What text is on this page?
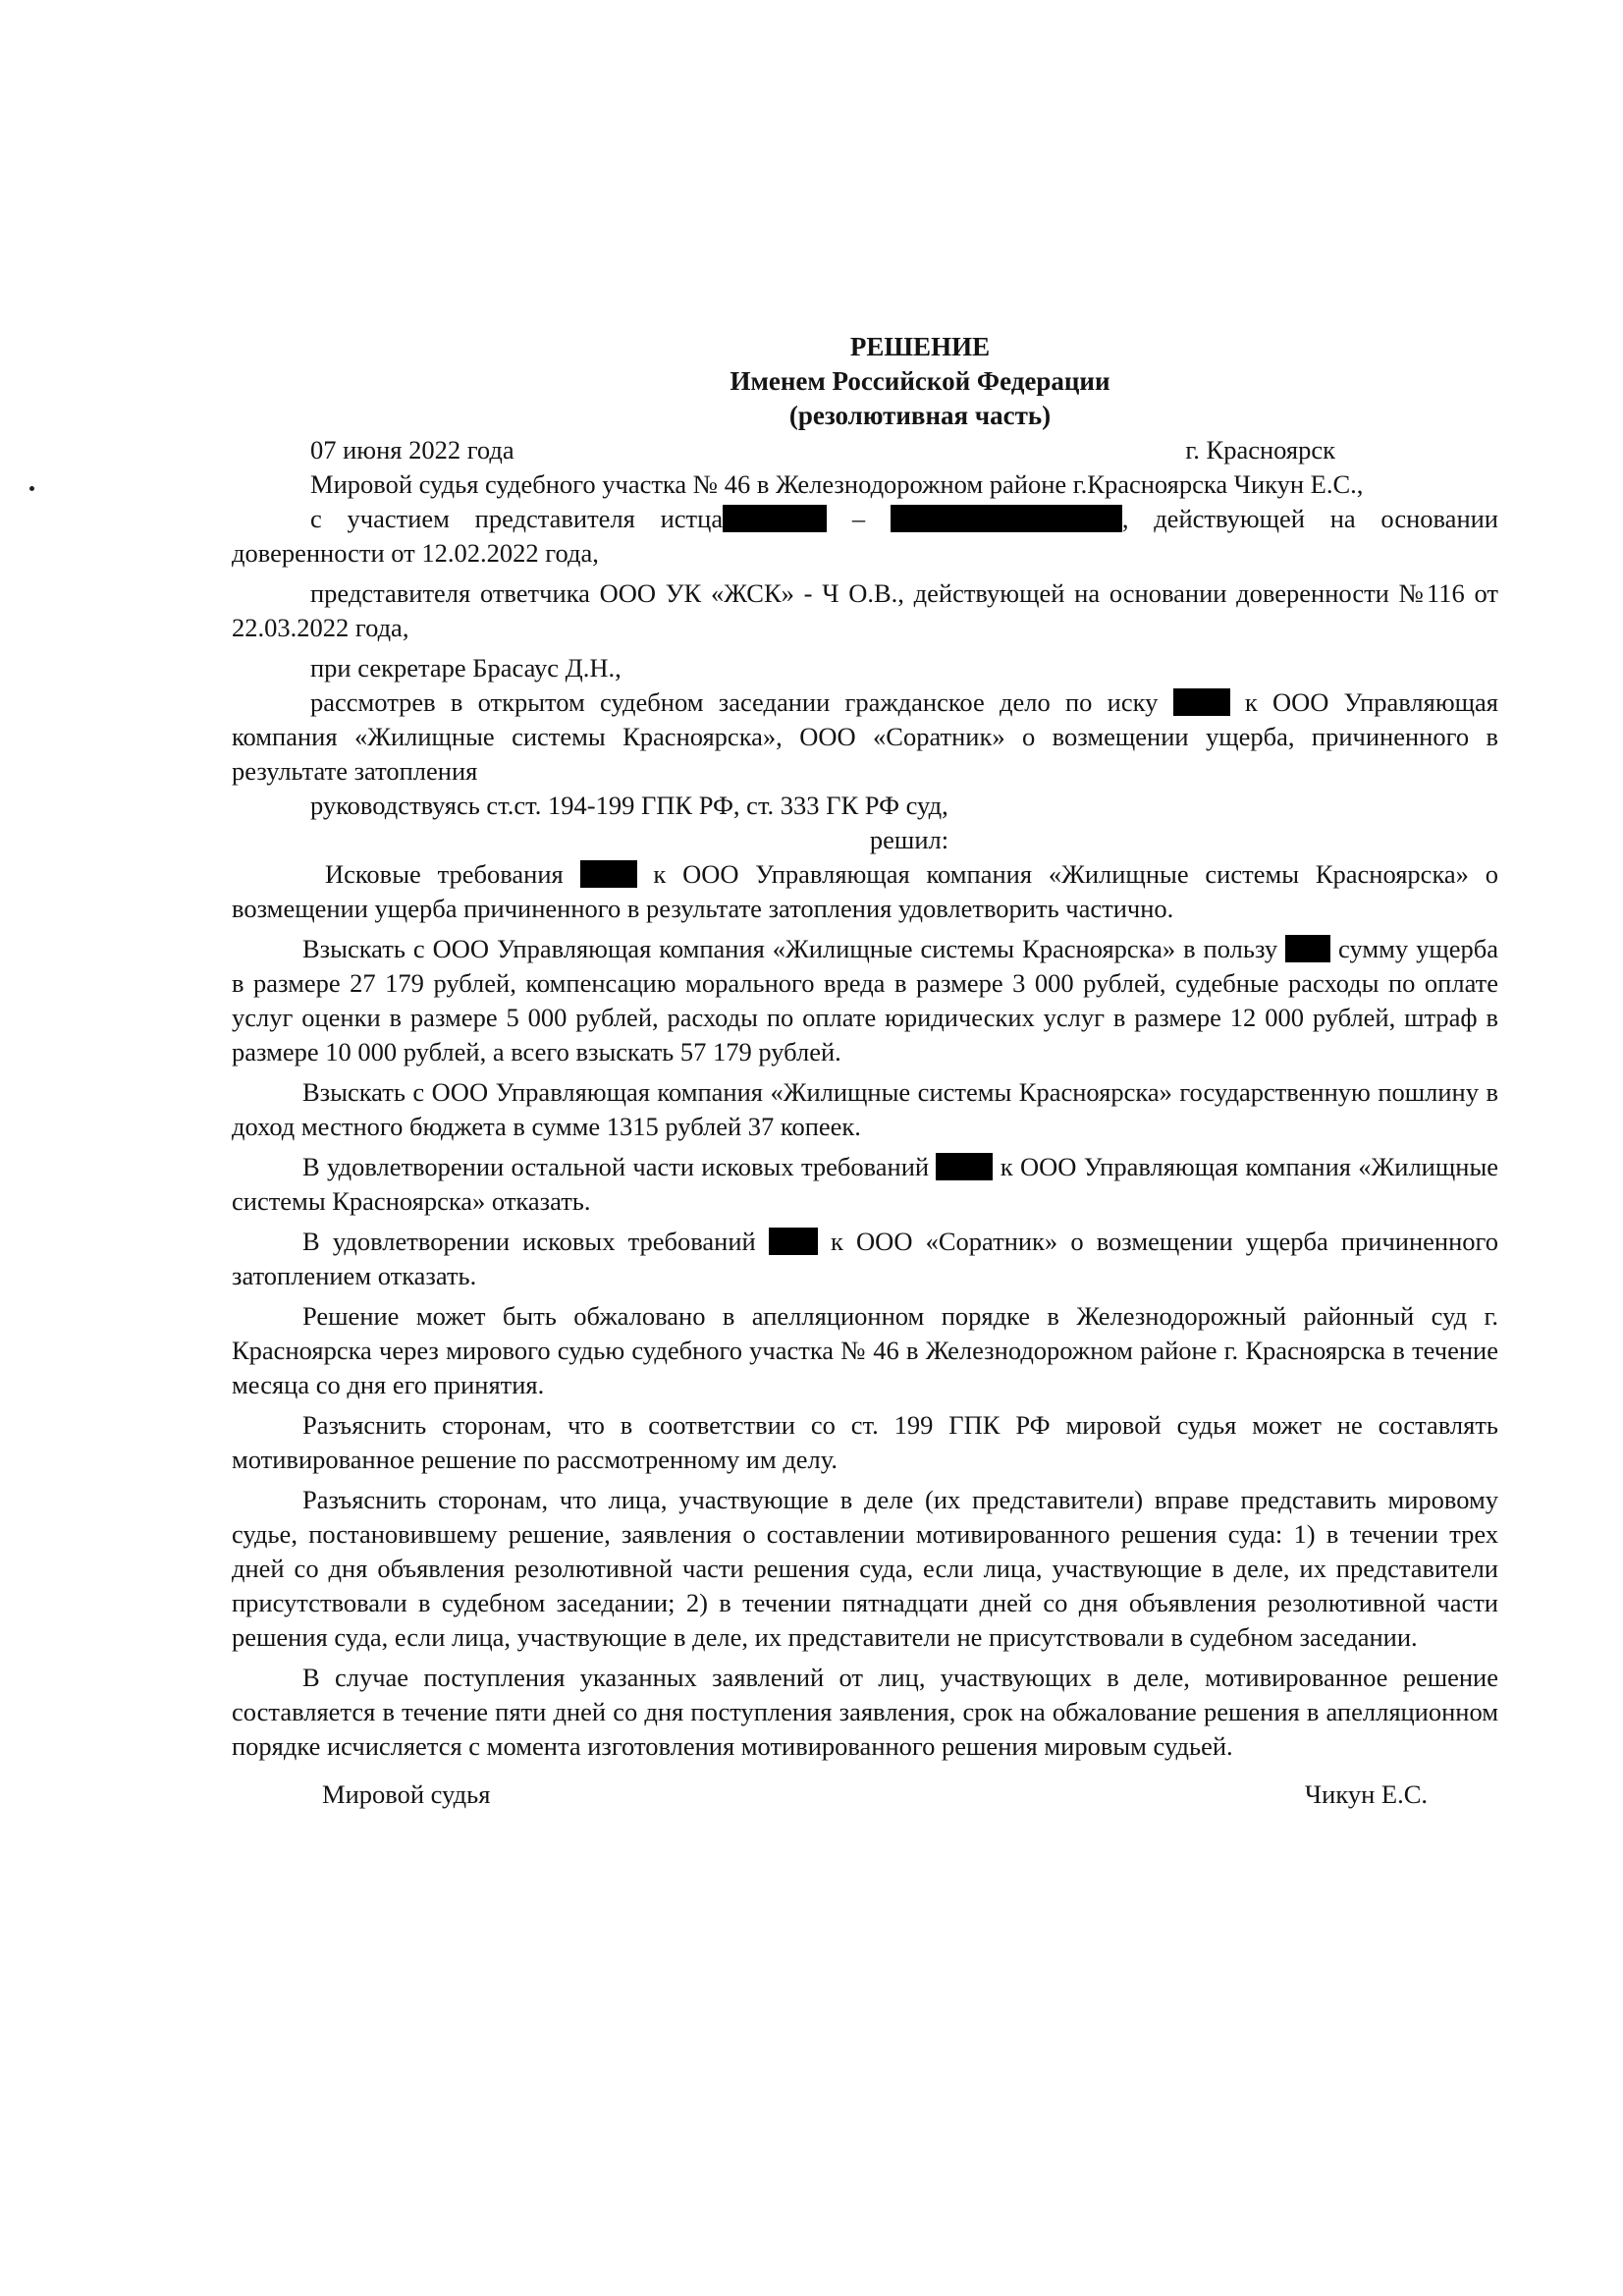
РЕШЕНИЕ
Именем Российской Федерации
(резолютивная часть)
07 июня 2022 года	г. Красноярск

Мировой судья судебного участка № 46 в Железнодорожном районе г.Красноярска Чикун Е.С.,

с участием представителя истца	–	, действующей на основании доверенности от 12.02.2022 года,

представителя ответчика ООО УК «ЖСК» - Ч О.В., действующей на основании доверенности №116 от 22.03.2022 года,

при секретаре Брасаус Д.Н.,

рассмотрев в открытом судебном заседании гражданское дело по иску  к ООО Управляющая компания «Жилищные системы Красноярска», ООО «Соратник» о возмещении ущерба, причиненного в результате затопления

руководствуясь ст.ст. 194-199 ГПК РФ, ст. 333 ГК РФ суд,

решил:

Исковые требования  к ООО Управляющая компания «Жилищные системы Красноярска» о возмещении ущерба причиненного в результате затопления удовлетворить частично.

Взыскать с ООО Управляющая компания «Жилищные системы Красноярска» в пользу  сумму ущерба в размере 27 179 рублей, компенсацию морального вреда в размере 3 000 рублей, судебные расходы по оплате услуг оценки в размере 5 000 рублей, расходы по оплате юридических услуг в размере 12 000 рублей, штраф в размере 10 000 рублей, а всего взыскать 57 179 рублей.

Взыскать с ООО Управляющая компания «Жилищные системы Красноярска» государственную пошлину в доход местного бюджета в сумме 1315 рублей 37 копеек.

В удовлетворении остальной части исковых требований  к ООО Управляющая компания «Жилищные системы Красноярска» отказать.

В удовлетворении исковых требований  к ООО «Соратник» о возмещении ущерба причиненного затоплением отказать.

Решение может быть обжаловано в апелляционном порядке в Железнодорожный районный суд г. Красноярска через мирового судью судебного участка № 46 в Железнодорожном районе г. Красноярска в течение месяца со дня его принятия.

Разъяснить сторонам, что в соответствии со ст. 199 ГПК РФ мировой судья может не составлять мотивированное решение по рассмотренному им делу.

Разъяснить сторонам, что лица, участвующие в деле (их представители) вправе представить мировому судье, постановившему решение, заявления о составлении мотивированного решения суда: 1) в течении трех дней со дня объявления резолютивной части решения суда, если лица, участвующие в деле, их представители присутствовали в судебном заседании; 2) в течении пятнадцати дней со дня объявления резолютивной части решения суда, если лица, участвующие в деле, их представители не присутствовали в судебном заседании.

В случае поступления указанных заявлений от лиц, участвующих в деле, мотивированное решение составляется в течение пяти дней со дня поступления заявления, срок на обжалование решения в апелляционном порядке исчисляется с момента изготовления мотивированного решения мировым судьей.

Мировой судья	Чикун Е.С.
